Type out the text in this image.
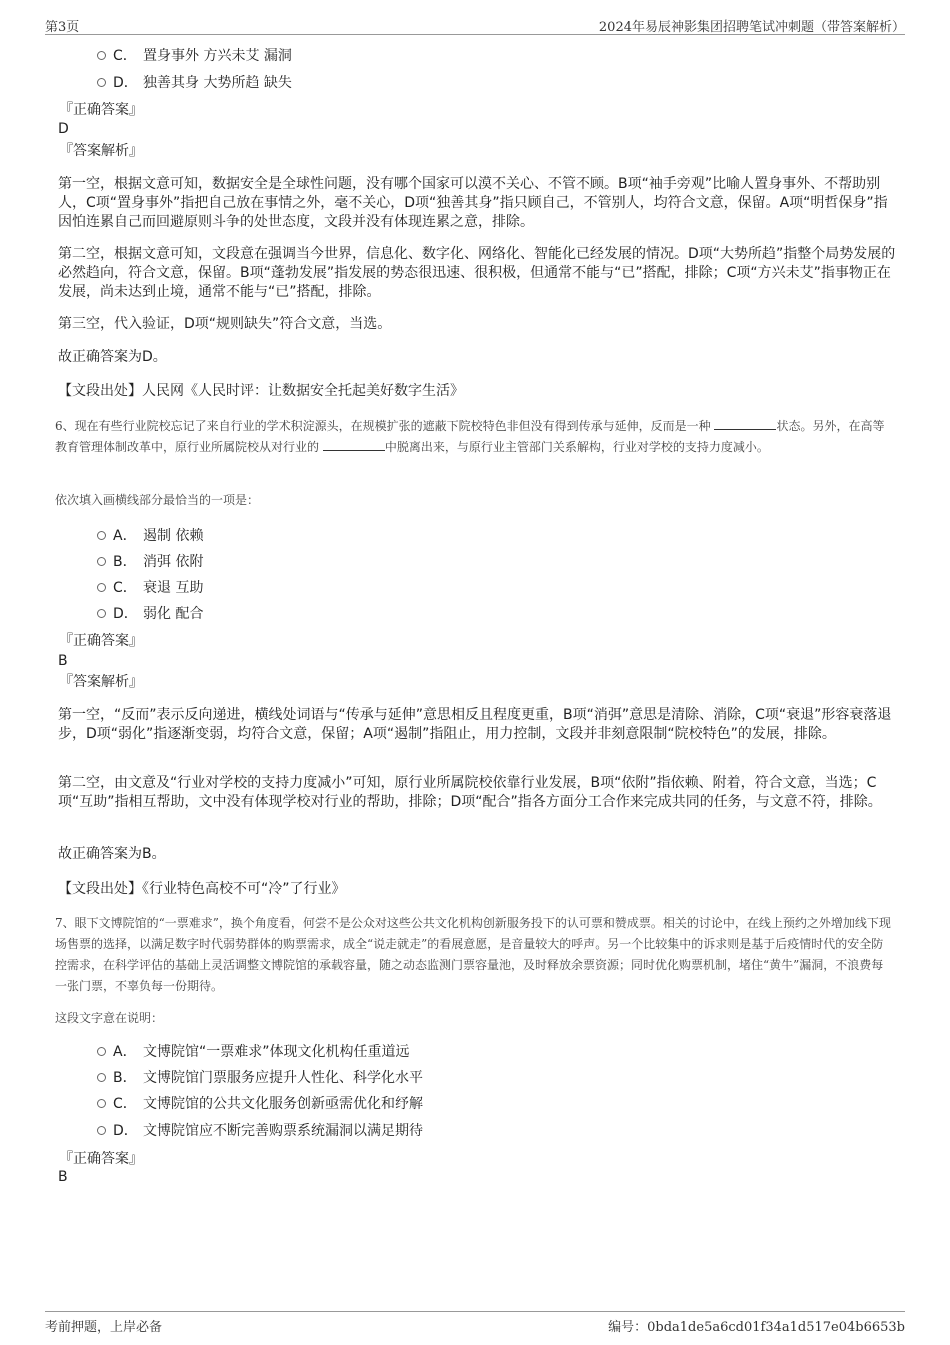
第3页	2024年易辰神影集团招聘笔试冲刺题（带答案解析）
C． 置身事外 方兴未艾 漏洞
D． 独善其身 大势所趋 缺失
『正确答案』
D
『答案解析』
第一空，根据文意可知，数据安全是全球性问题，没有哪个国家可以漠不关心、不管不顾。B项“袖手旁观”比喻人置身事外、不帮助别人，C项“置身事外”指把自己放在事情之外，毫不关心，D项“独善其身”指只顾自己，不管别人，均符合文意，保留。A项“明哲保身”指因怕连累自己而回避原则斗争的处世态度，文段并没有体现连累之意，排除。
第二空，根据文意可知，文段意在强调当今世界，信息化、数字化、网络化、智能化已经发展的情况。D项“大势所趋”指整个局势发展的必然趋向，符合文意，保留。B项“蓬勃发展”指发展的势态很迅速、很积极，但通常不能与“已”搭配，排除；C项“方兴未艾”指事物正在发展，尚未达到止境，通常不能与“已”搭配，排除。
第三空，代入验证，D项“规则缺失”符合文意，当选。
故正确答案为D。
【文段出处】人民网《人民时评：让数据安全托起美好数字生活》
6、现在有些行业院校忘记了来自行业的学术积淀源头，在规模扩张的遮蔽下院校特色非但没有得到传承与延伸，反而是一种	状态。另外，在高等教育管理体制改革中，原行业所属院校从对行业的	中脱离出来，与原行业主管部门关系解构，行业对学校的支持力度减小。
依次填入画横线部分最恰当的一项是：
A． 遏制 依赖
B． 消弭 依附
C． 衰退 互助
D． 弱化 配合
『正确答案』
B
『答案解析』
第一空，“反而”表示反向递进，横线处词语与“传承与延伸”意思相反且程度更重，B项“消弭”意思是清除、消除，C项“衰退”形容衰落退步，D项“弱化”指逐渐变弱，均符合文意，保留；A项“遏制”指阻止，用力控制，文段并非刻意限制“院校特色”的发展，排除。
第二空，由文意及“行业对学校的支持力度减小”可知，原行业所属院校依靠行业发展，B项“依附”指依赖、附着，符合文意，当选；C项“互助”指相互帮助，文中没有体现学校对行业的帮助，排除；D项“配合”指各方面分工合作来完成共同的任务，与文意不符，排除。
故正确答案为B。
【文段出处】《行业特色高校不可“冷”了行业》
7、眼下文博院馆的“一票难求”，换个角度看，何尝不是公众对这些公共文化机构创新服务投下的认可票和赞成票。相关的讨论中，在线上预约之外增加线下现场售票的选择，以满足数字时代弱势群体的购票需求，成全“说走就走”的看展意愿，是音量较大的呼声。另一个比较集中的诉求则是基于后疫情时代的安全防控需求，在科学评估的基础上灵活调整文博院馆的承载容量，随之动态监测门票容量池，及时释放余票资源；同时优化购票机制，堵住“黄牛”漏洞，不浪费每一张门票，不辜负每一份期待。
这段文字意在说明：
A． 文博院馆“一票难求”体现文化机构任重道远
B． 文博院馆门票服务应提升人性化、科学化水平
C． 文博院馆的公共文化服务创新亟需优化和纾解
D． 文博院馆应不断完善购票系统漏洞以满足期待
『正确答案』
B
考前押题，上岸必备	编号：0bda1de5a6cd01f34a1d517e04b6653b
